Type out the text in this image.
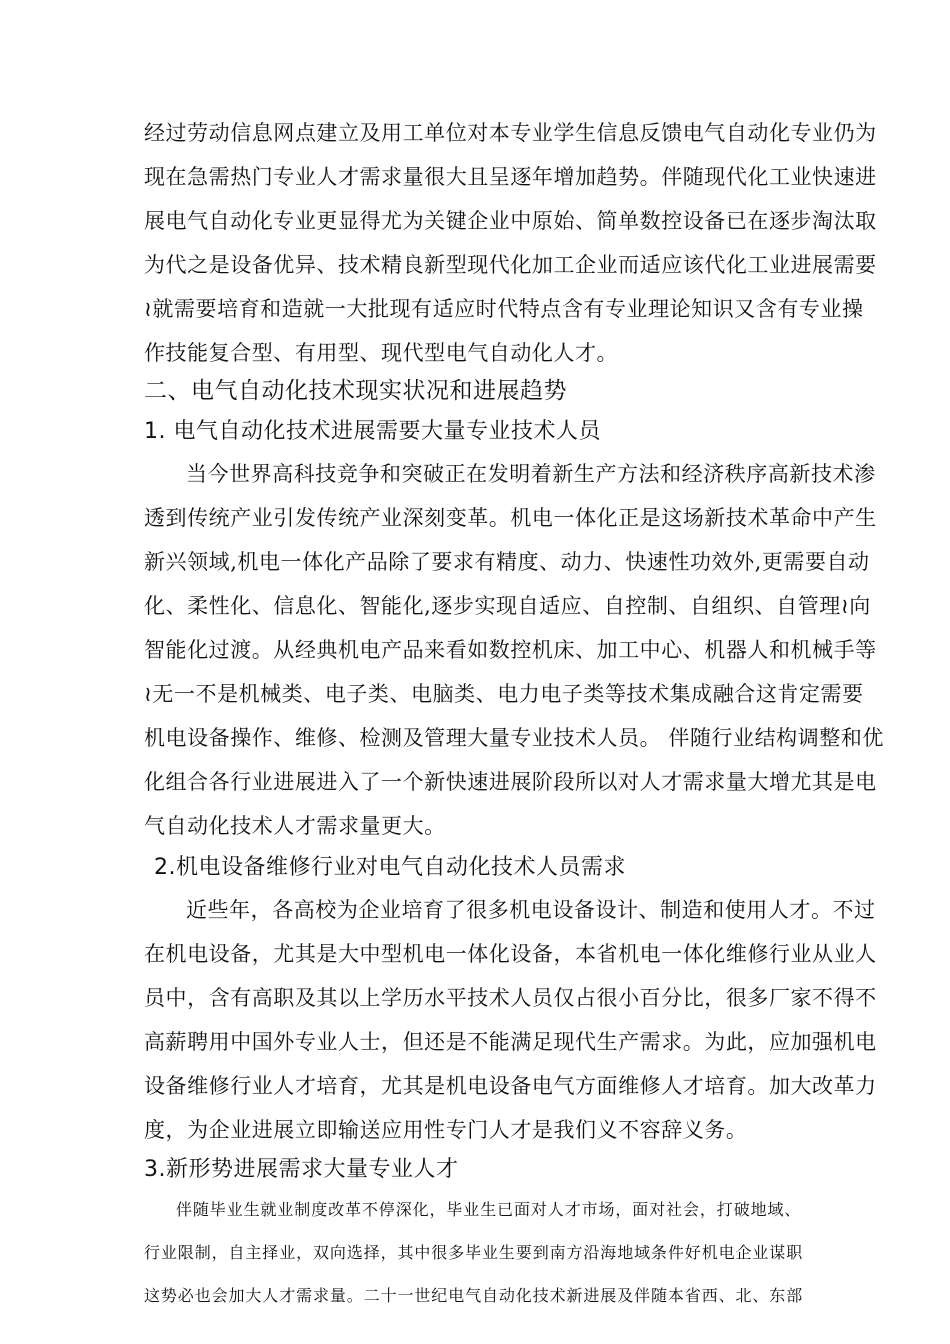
经过劳动信息网点建立及用工单位对本专业学生信息反馈电气自动化专业仍为
现在急需热门专业人才需求量很大且呈逐年增加趋势。伴随现代化工业快速进
展电气自动化专业更显得尤为关键企业中原始、简单数控设备已在逐步淘汰取
为代之是设备优异、技术精良新型现代化加工企业而适应该代化工业进展需要
≀就需要培育和造就一大批现有适应时代特点含有专业理论知识又含有专业操
作技能复合型、有用型、现代型电气自动化人才。
二、电气自动化技术现实状况和进展趋势
1. 电气自动化技术进展需要大量专业技术人员
当今世界高科技竞争和突破正在发明着新生产方法和经济秩序高新技术渗
透到传统产业引发传统产业深刻变革。机电一体化正是这场新技术革命中产生
新兴领域,机电一体化产品除了要求有精度、动力、快速性功效外,更需要自动
化、柔性化、信息化、智能化,逐步实现自适应、自控制、自组织、自管理≀向
智能化过渡。从经典机电产品来看如数控机床、加工中心、机器人和机械手等
≀无一不是机械类、电子类、电脑类、电力电子类等技术集成融合这肯定需要
机电设备操作、维修、检测及管理大量专业技术人员。 伴随行业结构调整和优
化组合各行业进展进入了一个新快速进展阶段所以对人才需求量大增尤其是电
气自动化技术人才需求量更大。
2.机电设备维修行业对电气自动化技术人员需求
近些年，各高校为企业培育了很多机电设备设计、制造和使用人才。不过
在机电设备，尤其是大中型机电一体化设备，本省机电一体化维修行业从业人
员中，含有高职及其以上学历水平技术人员仅占很小百分比，很多厂家不得不
高薪聘用中国外专业人士，但还是不能满足现代生产需求。为此，应加强机电
设备维修行业人才培育，尤其是机电设备电气方面维修人才培育。加大改革力
度，为企业进展立即输送应用性专门人才是我们义不容辞义务。
3.新形势进展需求大量专业人才
伴随毕业生就业制度改革不停深化，毕业生已面对人才市场，面对社会，打破地域、
行业限制，自主择业，双向选择，其中很多毕业生要到南方沿海地域条件好机电企业谋职
这势必也会加大人才需求量。二十一世纪电气自动化技术新进展及伴随本省西、北、东部
